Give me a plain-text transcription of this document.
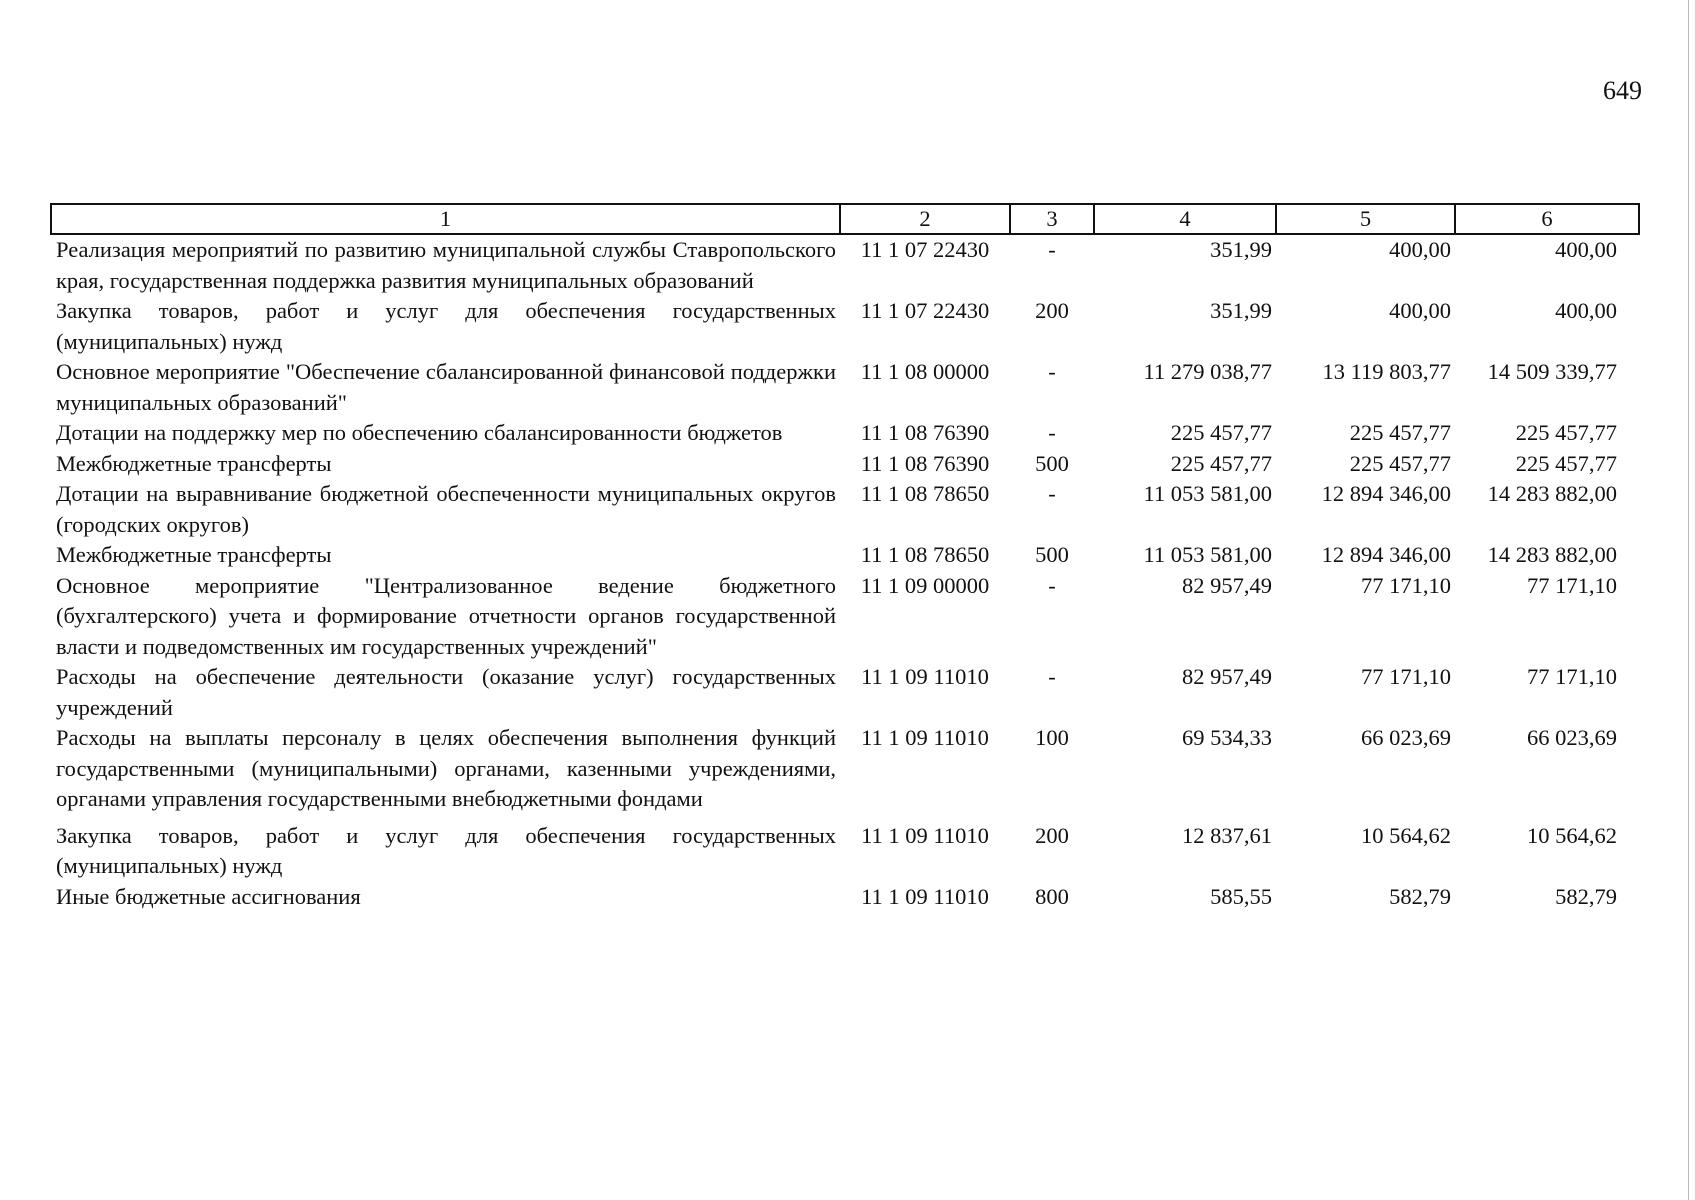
649
1	2	3	4	5	6
Реализация мероприятий по развитию муниципальной службы Ставропольского края, государственная поддержка развития муниципальных образований	11 1 07 22430	-	351,99	400,00	400,00
Закупка товаров, работ и услуг для обеспечения государственных (муниципальных) нужд	11 1 07 22430	200	351,99	400,00	400,00
Основное мероприятие "Обеспечение сбалансированной финансовой поддержки муниципальных образований"	11 1 08 00000	-	11 279 038,77	13 119 803,77	14 509 339,77
Дотации на поддержку мер по обеспечению сбалансированности бюджетов	11 1 08 76390	-	225 457,77	225 457,77	225 457,77
Межбюджетные трансферты	11 1 08 76390	500	225 457,77	225 457,77	225 457,77
Дотации на выравнивание бюджетной обеспеченности муниципальных округов (городских округов)	11 1 08 78650	-	11 053 581,00	12 894 346,00	14 283 882,00
Межбюджетные трансферты	11 1 08 78650	500	11 053 581,00	12 894 346,00	14 283 882,00
Основное мероприятие "Централизованное ведение бюджетного (бухгалтерского) учета и формирование отчетности органов государственной власти и подведомственных им государственных учреждений"	11 1 09 00000	-	82 957,49	77 171,10	77 171,10
Расходы на обеспечение деятельности (оказание услуг) государственных учреждений	11 1 09 11010	-	82 957,49	77 171,10	77 171,10
Расходы на выплаты персоналу в целях обеспечения выполнения функций государственными (муниципальными) органами, казенными учреждениями, органами управления государственными внебюджетными фондами	11 1 09 11010	100	69 534,33	66 023,69	66 023,69
Закупка товаров, работ и услуг для обеспечения государственных (муниципальных) нужд	11 1 09 11010	200	12 837,61	10 564,62	10 564,62
Иные бюджетные ассигнования	11 1 09 11010	800	585,55	582,79	582,79
